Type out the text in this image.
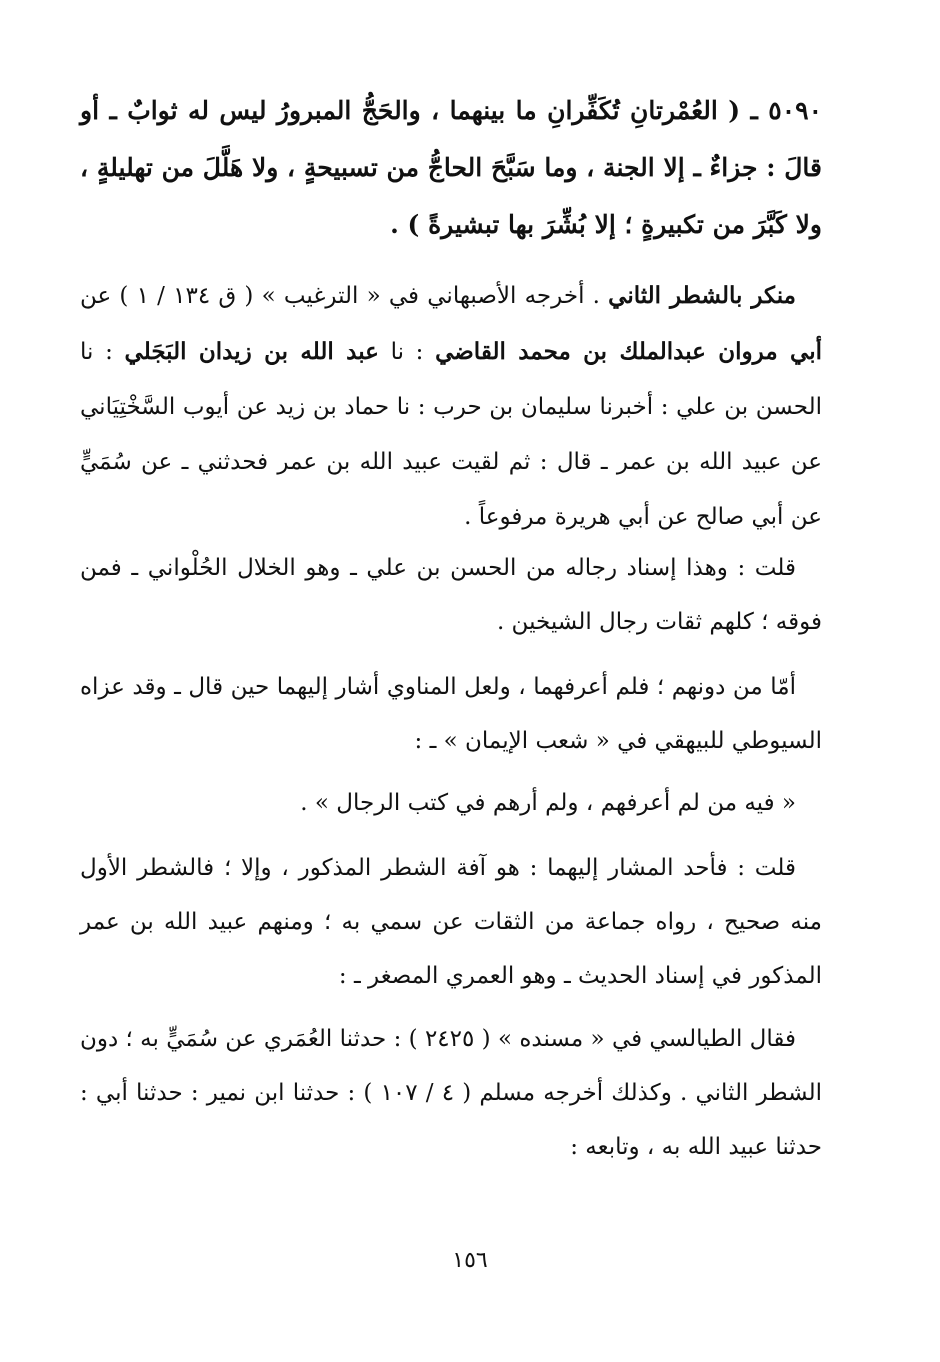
٥٠٩٠ ـ ( العُمْرتانِ تُكَفِّرانِ ما بينهما ، والحَجُّ المبرورُ ليس له ثوابٌ ـ أو قالَ : جزاءٌ ـ إلا الجنة ، وما سَبَّحَ الحاجُّ من تسبيحةٍ ، ولا هَلَّلَ من تهليلةٍ ، ولا كَبَّرَ من تكبيرةٍ ؛ إلا بُشِّرَ بها تبشيرةً ) .
منكر بالشطر الثاني . أخرجه الأصبهاني في « الترغيب » ( ق ١٣٤ / ١ ) عن أبي مروان عبدالملك بن محمد القاضي : نا عبد الله بن زيدان البَجَلي : نا الحسن بن علي : أخبرنا سليمان بن حرب : نا حماد بن زيد عن أيوب السَّخْتِيَاني عن عبيد الله بن عمر ـ قال : ثم لقيت عبيد الله بن عمر فحدثني ـ عن سُمَيٍّ عن أبي صالح عن أبي هريرة مرفوعاً .
قلت : وهذا إسناد رجاله من الحسن بن علي ـ وهو الخلال الحُلْواني ـ فمن فوقه ؛ كلهم ثقات رجال الشيخين .
أمّا من دونهم ؛ فلم أعرفهما ، ولعل المناوي أشار إليهما حين قال ـ وقد عزاه السيوطي للبيهقي في « شعب الإيمان » ـ :
« فيه من لم أعرفهم ، ولم أرهم في كتب الرجال » .
قلت : فأحد المشار إليهما : هو آفة الشطر المذكور ، وإلا ؛ فالشطر الأول منه صحيح ، رواه جماعة من الثقات عن سمي به ؛ ومنهم عبيد الله بن عمر المذكور في إسناد الحديث ـ وهو العمري المصغر ـ :
فقال الطيالسي في « مسنده » ( ٢٤٢٥ ) : حدثنا العُمَري عن سُمَيٍّ به ؛ دون الشطر الثاني . وكذلك أخرجه مسلم ( ٤ / ١٠٧ ) : حدثنا ابن نمير : حدثنا أبي : حدثنا عبيد الله به ، وتابعه :
١٥٦
